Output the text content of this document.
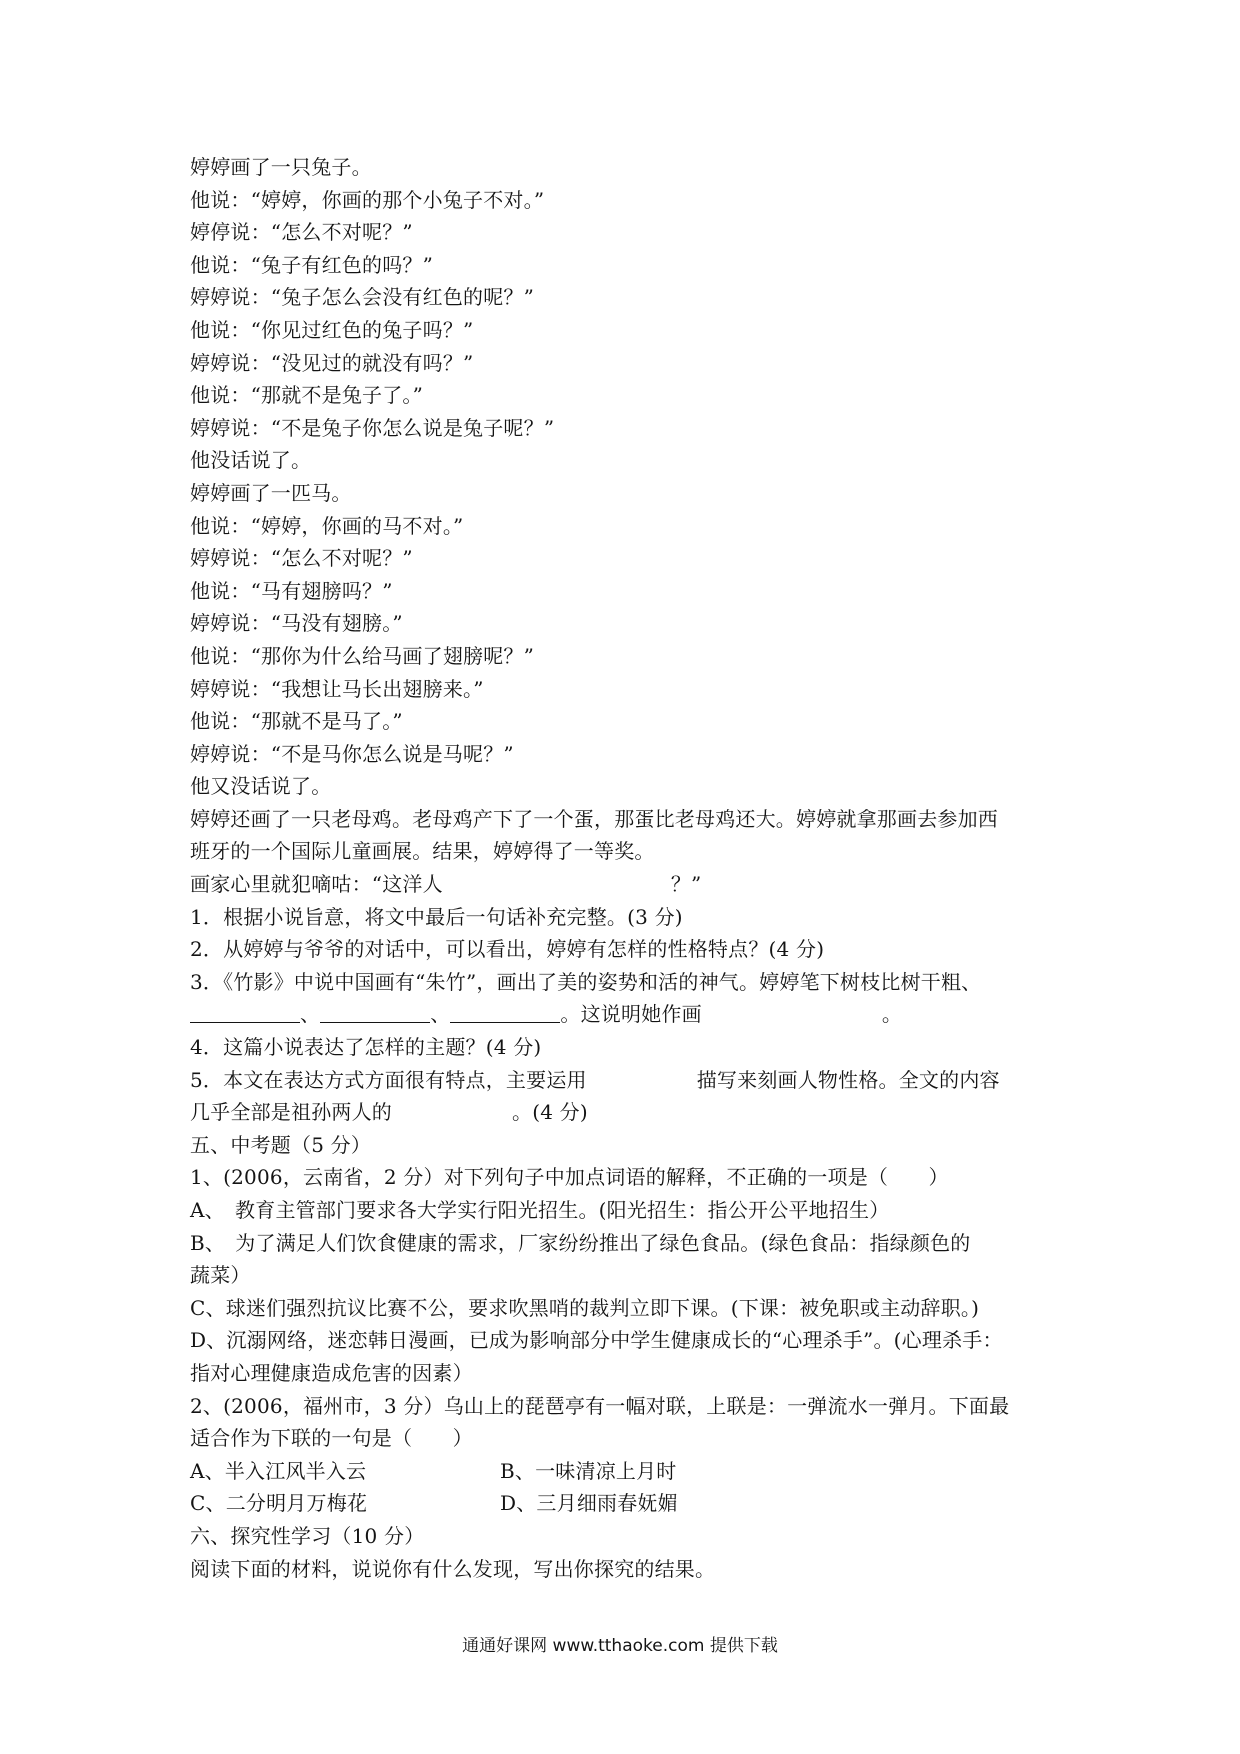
婷婷画了一只兔子。
他说：“婷婷，你画的那个小兔子不对。”
婷停说：“怎么不对呢？”
他说：“兔子有红色的吗？”
婷婷说：“兔子怎么会没有红色的呢？”
他说：“你见过红色的兔子吗？”
婷婷说：“没见过的就没有吗？”
他说：“那就不是兔子了。”
婷婷说：“不是兔子你怎么说是兔子呢？”
他没话说了。
婷婷画了一匹马。
他说：“婷婷，你画的马不对。”
婷婷说：“怎么不对呢？”
他说：“马有翅膀吗？”
婷婷说：“马没有翅膀。”
他说：“那你为什么给马画了翅膀呢？”
婷婷说：“我想让马长出翅膀来。”
他说：“那就不是马了。”
婷婷说：“不是马你怎么说是马呢？”
他又没话说了。
婷婷还画了一只老母鸡。老母鸡产下了一个蛋，那蛋比老母鸡还大。婷婷就拿那画去参加西
班牙的一个国际儿童画展。结果，婷婷得了一等奖。
画家心里就犯嘀咕：“这洋人	？”
1．根据小说旨意，将文中最后一句话补充完整。(3 分)
2．从婷婷与爷爷的对话中，可以看出，婷婷有怎样的性格特点？(4 分)
3．《竹影》中说中国画有“朱竹”，画出了美的姿势和活的神气。婷婷笔下树枝比树干粗、
、	、	。这说明她作画	。
4．这篇小说表达了怎样的主题？(4 分)
5．本文在表达方式方面很有特点，主要运用	描写来刻画人物性格。全文的内容
几乎全部是祖孙两人的	。(4 分)
五、中考题（5 分）
1、(2006，云南省，2 分）对下列句子中加点词语的解释，不正确的一项是（　　）
A、　教育主管部门要求各大学实行阳光招生。(阳光招生：指公开公平地招生）
B、　为了满足人们饮食健康的需求，厂家纷纷推出了绿色食品。(绿色食品：指绿颜色的
蔬菜）
C、球迷们强烈抗议比赛不公，要求吹黑哨的裁判立即下课。(下课：被免职或主动辞职。)
D、沉溺网络，迷恋韩日漫画，已成为影响部分中学生健康成长的“心理杀手”。(心理杀手：
指对心理健康造成危害的因素）
2、(2006，福州市，3 分）乌山上的琵琶亭有一幅对联，上联是：一弹流水一弹月。下面最
适合作为下联的一句是（　　）
A、半入江风半入云	B、一味清凉上月时
C、二分明月万梅花	D、三月细雨春妩媚
六、探究性学习（10 分）
阅读下面的材料，说说你有什么发现，写出你探究的结果。
通通好课网 www.tthaoke.com 提供下载
